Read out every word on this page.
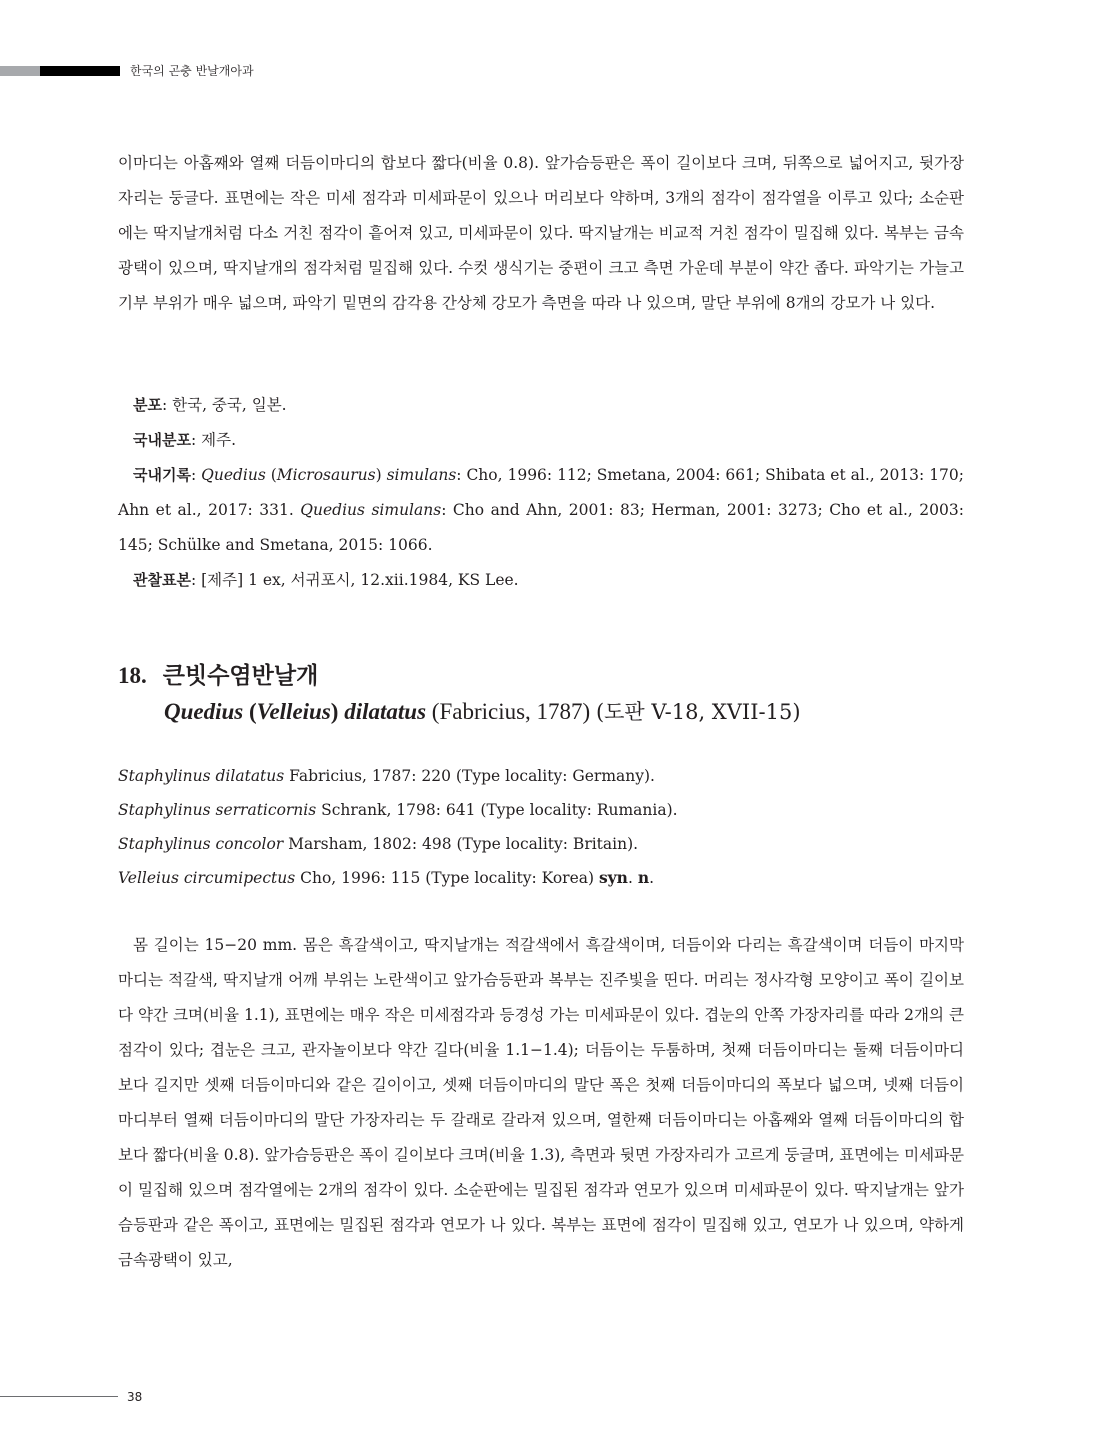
한국의 곤충 반날개아과

이마디는 아홉째와 열째 더듬이마디의 합보다 짧다(비율 0.8). 앞가슴등판은 폭이 길이보다 크며, 뒤쪽으로 넓어지고, 뒷가장자리는 둥글다. 표면에는 작은 미세 점각과 미세파문이 있으나 머리보다 약하며, 3개의 점각이 점각열을 이루고 있다; 소순판에는 딱지날개처럼 다소 거친 점각이 흩어져 있고, 미세파문이 있다. 딱지날개는 비교적 거친 점각이 밀집해 있다. 복부는 금속광택이 있으며, 딱지날개의 점각처럼 밀집해 있다. 수컷 생식기는 중편이 크고 측면 가운데 부분이 약간 좁다. 파악기는 가늘고 기부 부위가 매우 넓으며, 파악기 밑면의 감각용 간상체 강모가 측면을 따라 나 있으며, 말단 부위에 8개의 강모가 나 있다.

분포: 한국, 중국, 일본.

국내분포: 제주.

국내기록: Quedius (Microsaurus) simulans: Cho, 1996: 112; Smetana, 2004: 661; Shibata et al., 2013: 170; Ahn et al., 2017: 331. Quedius simulans: Cho and Ahn, 2001: 83; Herman, 2001: 3273; Cho et al., 2003: 145; Schülke and Smetana, 2015: 1066.

관찰표본: [제주] 1 ex, 서귀포시, 12.xii.1984, KS Lee.

18. 큰빗수염반날개
Quedius (Velleius) dilatatus (Fabricius, 1787) (도판 V-18, XVII-15)

Staphylinus dilatatus Fabricius, 1787: 220 (Type locality: Germany).

Staphylinus serraticornis Schrank, 1798: 641 (Type locality: Rumania).

Staphylinus concolor Marsham, 1802: 498 (Type locality: Britain).

Velleius circumipectus Cho, 1996: 115 (Type locality: Korea) syn. n.

몸 길이는 15−20 mm. 몸은 흑갈색이고, 딱지날개는 적갈색에서 흑갈색이며, 더듬이와 다리는 흑갈색이며 더듬이 마지막 마디는 적갈색, 딱지날개 어깨 부위는 노란색이고 앞가슴등판과 복부는 진주빛을 띤다. 머리는 정사각형 모양이고 폭이 길이보다 약간 크며(비율 1.1), 표면에는 매우 작은 미세점각과 등경성 가는 미세파문이 있다. 겹눈의 안쪽 가장자리를 따라 2개의 큰 점각이 있다; 겹눈은 크고, 관자놀이보다 약간 길다(비율 1.1−1.4); 더듬이는 두툼하며, 첫째 더듬이마디는 둘째 더듬이마디보다 길지만 셋째 더듬이마디와 같은 길이이고, 셋째 더듬이마디의 말단 폭은 첫째 더듬이마디의 폭보다 넓으며, 넷째 더듬이마디부터 열째 더듬이마디의 말단 가장자리는 두 갈래로 갈라져 있으며, 열한째 더듬이마디는 아홉째와 열째 더듬이마디의 합보다 짧다(비율 0.8). 앞가슴등판은 폭이 길이보다 크며(비율 1.3), 측면과 뒷면 가장자리가 고르게 둥글며, 표면에는 미세파문이 밀집해 있으며 점각열에는 2개의 점각이 있다. 소순판에는 밀집된 점각과 연모가 있으며 미세파문이 있다. 딱지날개는 앞가슴등판과 같은 폭이고, 표면에는 밀집된 점각과 연모가 나 있다. 복부는 표면에 점각이 밀집해 있고, 연모가 나 있으며, 약하게 금속광택이 있고,

38
